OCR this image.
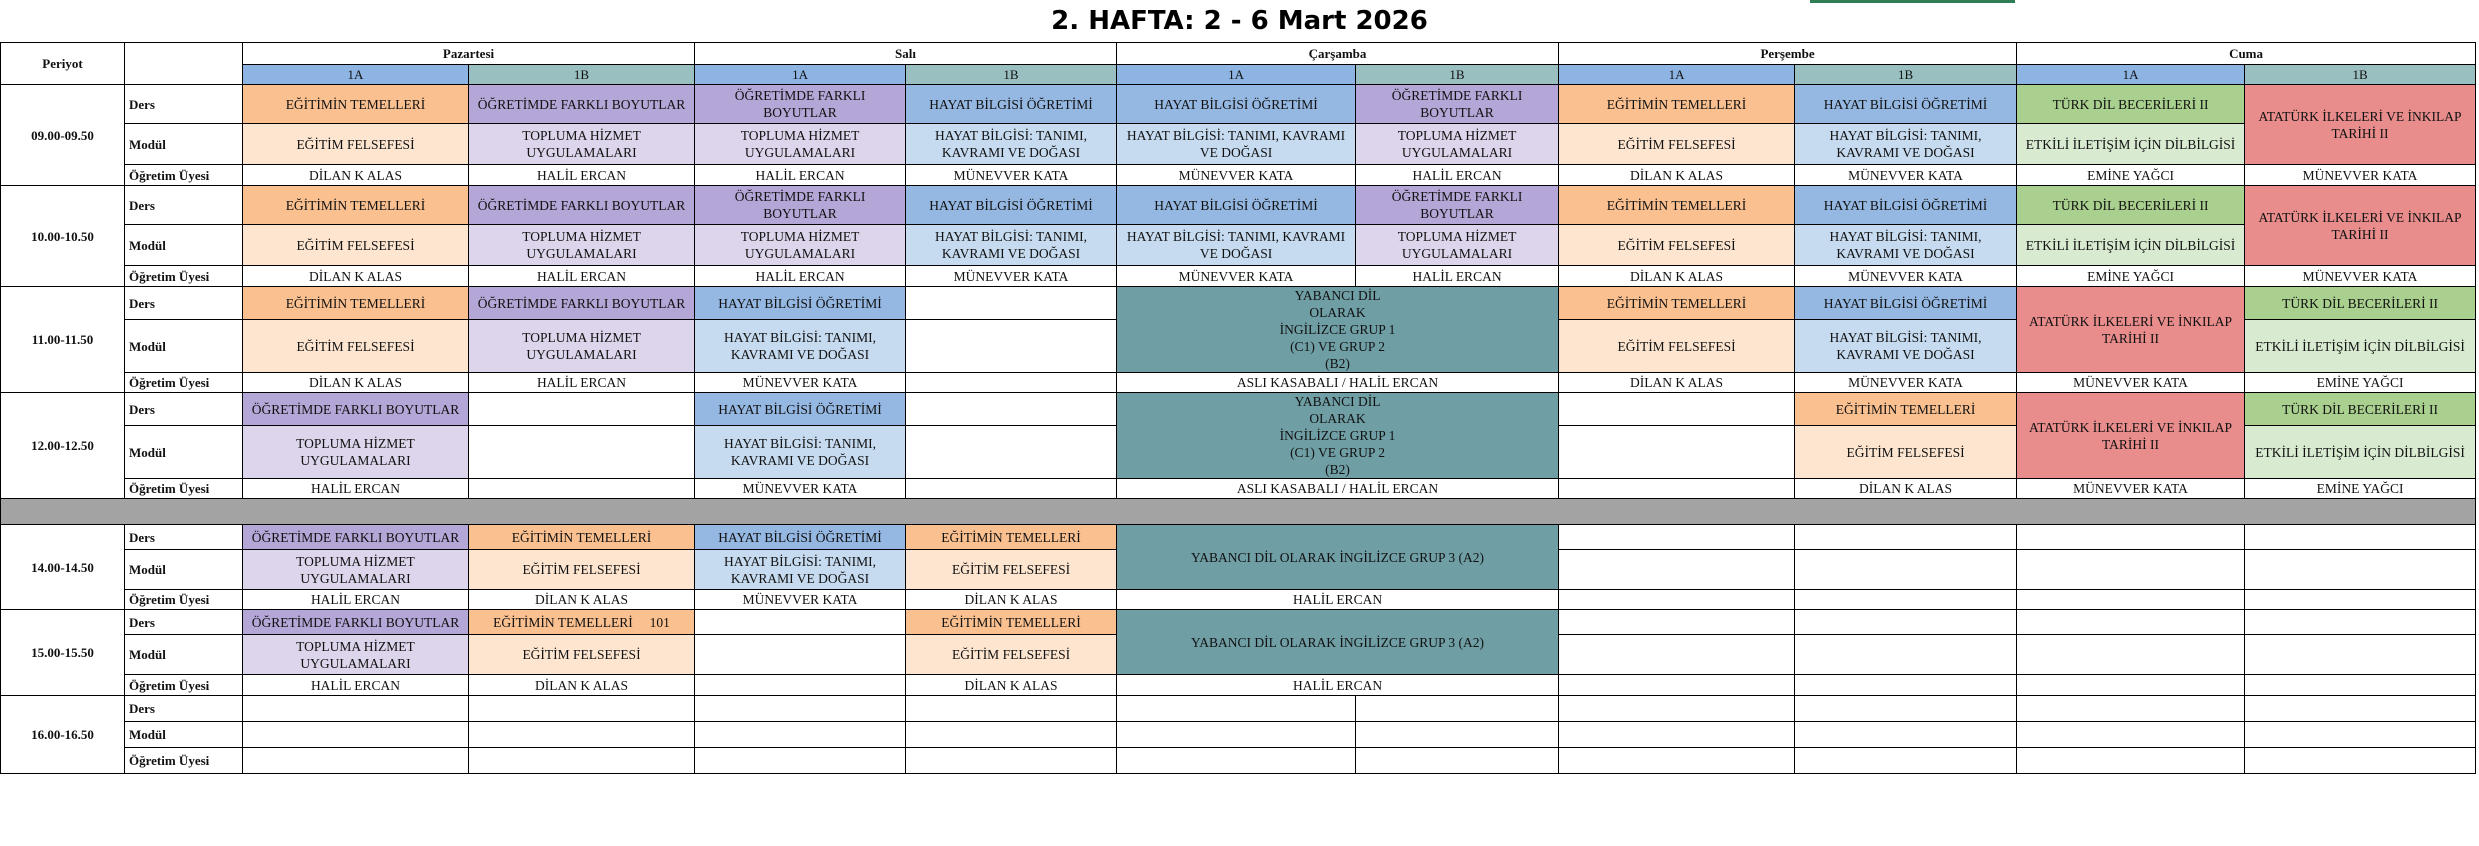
2. HAFTA: 2 - 6 Mart 2026
Periyot		Pazartesi		Salı		Çarşamba		Perşembe		Cuma	
		1A	1B	1A	1B	1A	1B	1A	1B	1A	1B
09.00-09.50	Ders	EĞİTİMİN TEMELLERİ	ÖĞRETİMDE FARKLI BOYUTLAR	ÖĞRETİMDE FARKLI BOYUTLAR	HAYAT BİLGİSİ ÖĞRETİMİ	HAYAT BİLGİSİ ÖĞRETİMİ	ÖĞRETİMDE FARKLI BOYUTLAR	EĞİTİMİN TEMELLERİ	HAYAT BİLGİSİ ÖĞRETİMİ	TÜRK DİL BECERİLERİ II	ATATÜRK İLKELERİ VE İNKILAP TARİHİ II
	Modül	EĞİTİM FELSEFESİ	TOPLUMA HİZMET UYGULAMALARI	TOPLUMA HİZMET UYGULAMALARI	HAYAT BİLGİSİ: TANIMI, KAVRAMI VE DOĞASI	HAYAT BİLGİSİ: TANIMI, KAVRAMI VE DOĞASI	TOPLUMA HİZMET UYGULAMALARI	EĞİTİM FELSEFESİ	HAYAT BİLGİSİ: TANIMI, KAVRAMI VE DOĞASI	ETKİLİ İLETİŞİM İÇİN DİLBİLGİSİ	
	Öğretim Üyesi	DİLAN K ALAS	HALİL ERCAN	HALİL ERCAN	MÜNEVVER KATA	MÜNEVVER KATA	HALİL ERCAN	DİLAN K ALAS	MÜNEVVER KATA	EMİNE YAĞCI	MÜNEVVER KATA
10.00-10.50	Ders	EĞİTİMİN TEMELLERİ	ÖĞRETİMDE FARKLI BOYUTLAR	ÖĞRETİMDE FARKLI BOYUTLAR	HAYAT BİLGİSİ ÖĞRETİMİ	HAYAT BİLGİSİ ÖĞRETİMİ	ÖĞRETİMDE FARKLI BOYUTLAR	EĞİTİMİN TEMELLERİ	HAYAT BİLGİSİ ÖĞRETİMİ	TÜRK DİL BECERİLERİ II	ATATÜRK İLKELERİ VE İNKILAP TARİHİ II
	Modül	EĞİTİM FELSEFESİ	TOPLUMA HİZMET UYGULAMALARI	TOPLUMA HİZMET UYGULAMALARI	HAYAT BİLGİSİ: TANIMI, KAVRAMI VE DOĞASI	HAYAT BİLGİSİ: TANIMI, KAVRAMI VE DOĞASI	TOPLUMA HİZMET UYGULAMALARI	EĞİTİM FELSEFESİ	HAYAT BİLGİSİ: TANIMI, KAVRAMI VE DOĞASI	ETKİLİ İLETİŞİM İÇİN DİLBİLGİSİ	
	Öğretim Üyesi	DİLAN K ALAS	HALİL ERCAN	HALİL ERCAN	MÜNEVVER KATA	MÜNEVVER KATA	HALİL ERCAN	DİLAN K ALAS	MÜNEVVER KATA	EMİNE YAĞCI	MÜNEVVER KATA
11.00-11.50	Ders	EĞİTİMİN TEMELLERİ	ÖĞRETİMDE FARKLI BOYUTLAR	HAYAT BİLGİSİ ÖĞRETİMİ		YABANCI DİL OLARAK İNGİLİZCE GRUP 1 (C1) VE GRUP 2 (B2)		EĞİTİMİN TEMELLERİ	HAYAT BİLGİSİ ÖĞRETİMİ	ATATÜRK İLKELERİ VE İNKILAP TARİHİ II	TÜRK DİL BECERİLERİ II
	Modül	EĞİTİM FELSEFESİ	TOPLUMA HİZMET UYGULAMALARI	HAYAT BİLGİSİ: TANIMI, KAVRAMI VE DOĞASI				EĞİTİM FELSEFESİ	HAYAT BİLGİSİ: TANIMI, KAVRAMI VE DOĞASI		ETKİLİ İLETİŞİM İÇİN DİLBİLGİSİ
	Öğretim Üyesi	DİLAN K ALAS	HALİL ERCAN	MÜNEVVER KATA		ASLI KASABALI / HALİL ERCAN		DİLAN K ALAS	MÜNEVVER KATA	MÜNEVVER KATA	EMİNE YAĞCI
12.00-12.50	Ders	ÖĞRETİMDE FARKLI BOYUTLAR		HAYAT BİLGİSİ ÖĞRETİMİ		YABANCI DİL OLARAK İNGİLİZCE GRUP 1 (C1) VE GRUP 2 (B2)			EĞİTİMİN TEMELLERİ	ATATÜRK İLKELERİ VE İNKILAP TARİHİ II	TÜRK DİL BECERİLERİ II
	Modül	TOPLUMA HİZMET UYGULAMALARI		HAYAT BİLGİSİ: TANIMI, KAVRAMI VE DOĞASI					EĞİTİM FELSEFESİ		ETKİLİ İLETİŞİM İÇİN DİLBİLGİSİ
	Öğretim Üyesi	HALİL ERCAN		MÜNEVVER KATA		ASLI KASABALI / HALİL ERCAN			DİLAN K ALAS	MÜNEVVER KATA	EMİNE YAĞCI

14.00-14.50	Ders	ÖĞRETİMDE FARKLI BOYUTLAR	EĞİTİMİN TEMELLERİ	HAYAT BİLGİSİ ÖĞRETİMİ	EĞİTİMİN TEMELLERİ	YABANCI DİL OLARAK İNGİLİZCE GRUP 3 (A2)					
	Modül	TOPLUMA HİZMET UYGULAMALARI	EĞİTİM FELSEFESİ	HAYAT BİLGİSİ: TANIMI, KAVRAMI VE DOĞASI	EĞİTİM FELSEFESİ						
	Öğretim Üyesi	HALİL ERCAN	DİLAN K ALAS	MÜNEVVER KATA	DİLAN K ALAS	HALİL ERCAN					
15.00-15.50	Ders	ÖĞRETİMDE FARKLI BOYUTLAR	EĞİTİMİN TEMELLERİ     101		EĞİTİMİN TEMELLERİ	YABANCI DİL OLARAK İNGİLİZCE GRUP 3 (A2)					
	Modül	TOPLUMA HİZMET UYGULAMALARI	EĞİTİM FELSEFESİ		EĞİTİM FELSEFESİ						
	Öğretim Üyesi	HALİL ERCAN	DİLAN K ALAS		DİLAN K ALAS	HALİL ERCAN					
16.00-16.50	Ders										
	Modül										
	Öğretim Üyesi										
